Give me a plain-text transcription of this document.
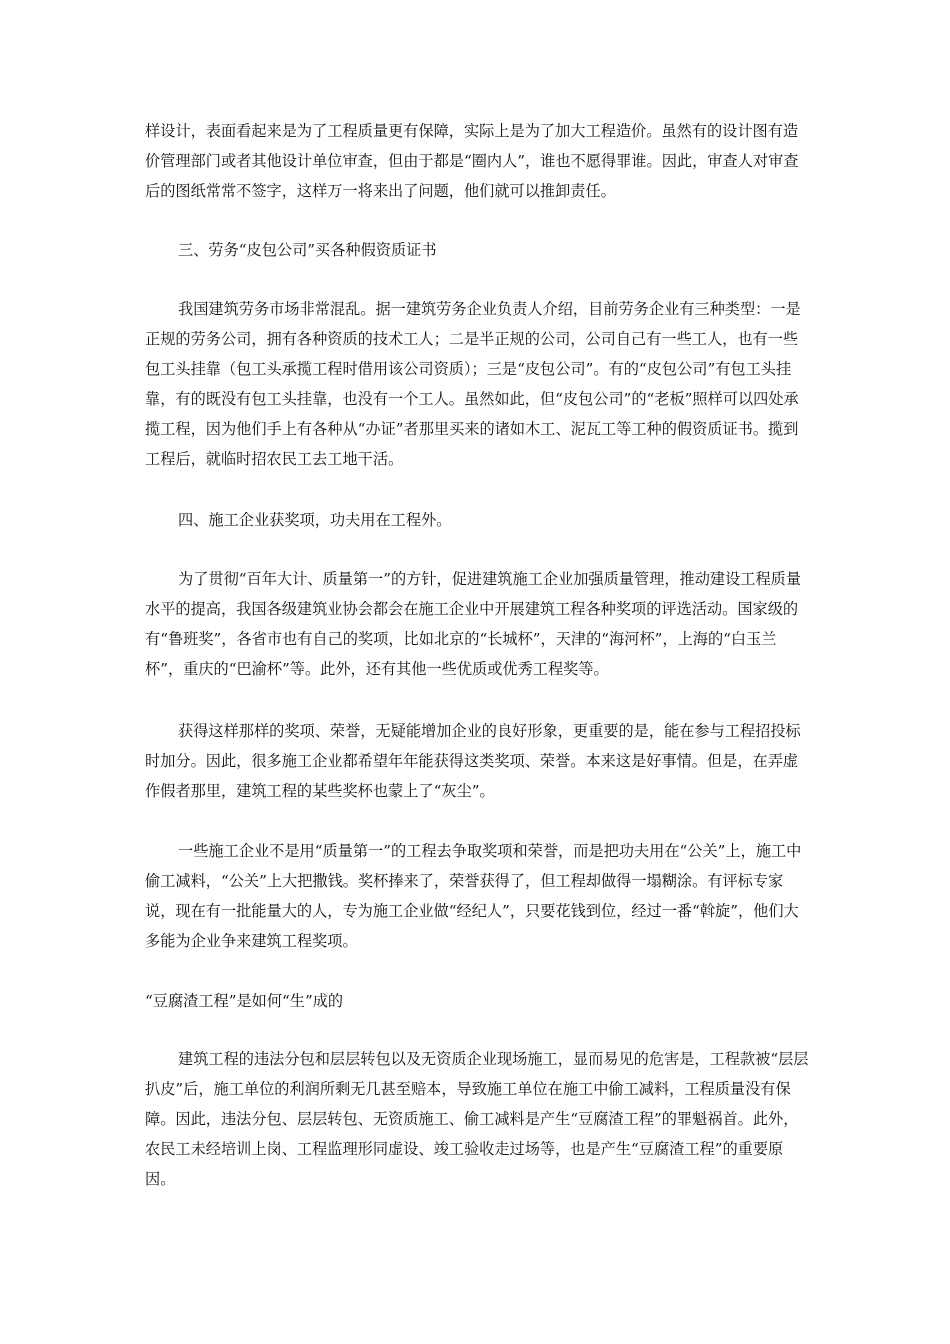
样设计，表面看起来是为了工程质量更有保障，实际上是为了加大工程造价。虽然有的设计图有造价管理部门或者其他设计单位审查，但由于都是“圈内人”，谁也不愿得罪谁。因此，审查人对审查后的图纸常常不签字，这样万一将来出了问题，他们就可以推卸责任。

三、劳务“皮包公司”买各种假资质证书

我国建筑劳务市场非常混乱。据一建筑劳务企业负责人介绍，目前劳务企业有三种类型：一是正规的劳务公司，拥有各种资质的技术工人；二是半正规的公司，公司自己有一些工人，也有一些包工头挂靠（包工头承揽工程时借用该公司资质）；三是“皮包公司”。有的“皮包公司”有包工头挂靠，有的既没有包工头挂靠，也没有一个工人。虽然如此，但“皮包公司”的“老板”照样可以四处承揽工程，因为他们手上有各种从“办证”者那里买来的诸如木工、泥瓦工等工种的假资质证书。揽到工程后，就临时招农民工去工地干活。

四、施工企业获奖项，功夫用在工程外。

为了贯彻“百年大计、质量第一”的方针，促进建筑施工企业加强质量管理，推动建设工程质量水平的提高，我国各级建筑业协会都会在施工企业中开展建筑工程各种奖项的评选活动。国家级的有“鲁班奖”，各省市也有自己的奖项，比如北京的“长城杯”，天津的“海河杯”，上海的“白玉兰杯”，重庆的“巴渝杯”等。此外，还有其他一些优质或优秀工程奖等。

获得这样那样的奖项、荣誉，无疑能增加企业的良好形象，更重要的是，能在参与工程招投标时加分。因此，很多施工企业都希望年年能获得这类奖项、荣誉。本来这是好事情。但是，在弄虚作假者那里，建筑工程的某些奖杯也蒙上了“灰尘”。

一些施工企业不是用“质量第一”的工程去争取奖项和荣誉，而是把功夫用在“公关”上，施工中偷工减料，“公关”上大把撒钱。奖杯捧来了，荣誉获得了，但工程却做得一塌糊涂。有评标专家说，现在有一批能量大的人，专为施工企业做“经纪人”，只要花钱到位，经过一番“斡旋”，他们大多能为企业争来建筑工程奖项。

“豆腐渣工程”是如何“生”成的

建筑工程的违法分包和层层转包以及无资质企业现场施工，显而易见的危害是，工程款被“层层扒皮”后，施工单位的利润所剩无几甚至赔本，导致施工单位在施工中偷工减料，工程质量没有保障。因此，违法分包、层层转包、无资质施工、偷工减料是产生“豆腐渣工程”的罪魁祸首。此外，农民工未经培训上岗、工程监理形同虚设、竣工验收走过场等，也是产生“豆腐渣工程”的重要原因。
